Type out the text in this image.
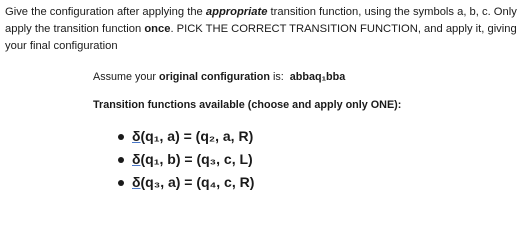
Give the configuration after applying the appropriate transition function, using the symbols a, b, c. Only apply the transition function once. PICK THE CORRECT TRANSITION FUNCTION, and apply it, giving your final configuration
Assume your original configuration is: abbaq₁bba
Transition functions available (choose and apply only ONE):
δ(q₁, a) = (q₂, a, R)
δ(q₁, b) = (q₃, c, L)
δ(q₃, a) = (q₄, c, R)
